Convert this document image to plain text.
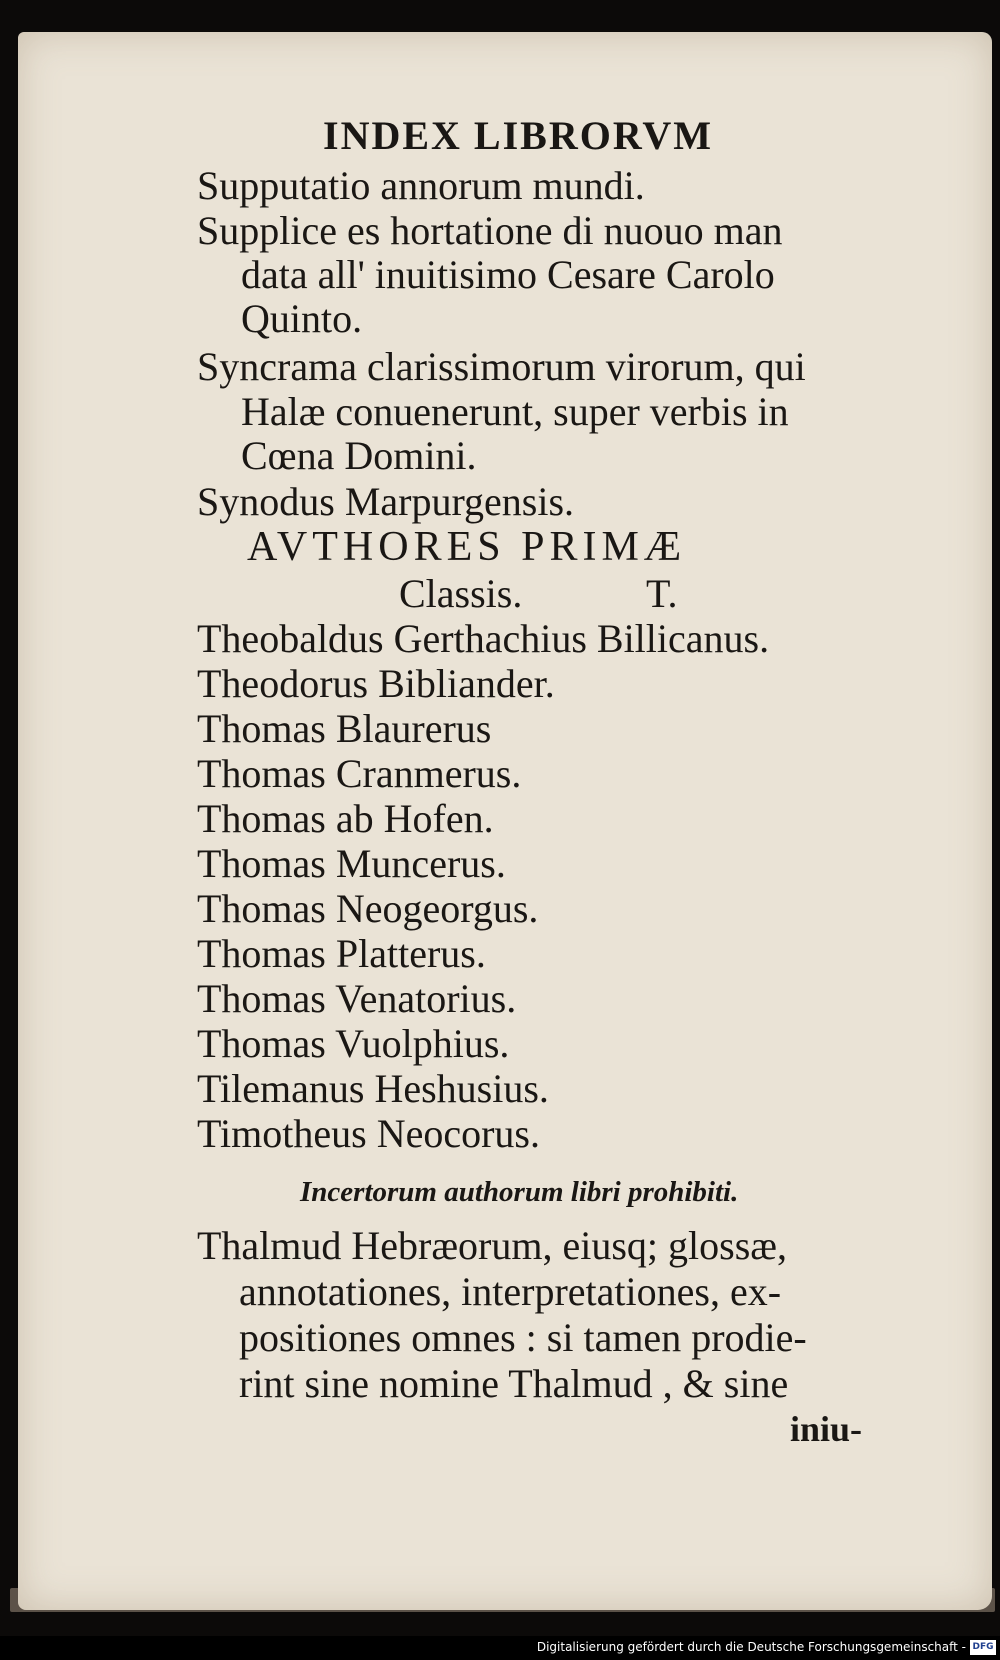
INDEX LIBRORVM
Supputatio annorum mundi.
Supplice es hortatione di nuouo man
data all' inuitisimo Cesare Carolo
Quinto.
Syncrama clarissimorum virorum, qui
Halæ conuenerunt, super verbis in
Cœna Domini.
Synodus Marpurgensis.
AVTHORES PRIMÆ
Classis.	T.
Theobaldus Gerthachius Billicanus.
Theodorus Bibliander.
Thomas Blaurerus
Thomas Cranmerus.
Thomas ab Hofen.
Thomas Muncerus.
Thomas Neogeorgus.
Thomas Platterus.
Thomas Venatorius.
Thomas Vuolphius.
Tilemanus Heshusius.
Timotheus Neocorus.
Incertorum authorum libri prohibiti.
Thalmud Hebræorum, eiusq; glossæ,
annotationes, interpretationes, ex-
positiones omnes : si tamen prodie-
rint sine nomine Thalmud , & sine
iniu-
Digitalisierung gefördert durch die Deutsche Forschungsgemeinschaft - DFG
